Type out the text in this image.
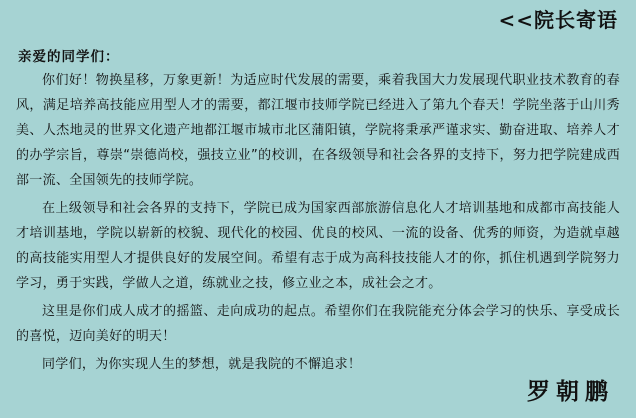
<<院长寄语
亲爱的同学们：

你们好！物换星移，万象更新！为适应时代发展的需要，乘着我国大力发展现代职业技术教育的春风，满足培养高技能应用型人才的需要，都江堰市技师学院已经进入了第九个春天！学院坐落于山川秀美、人杰地灵的世界文化遗产地都江堰市城市北区蒲阳镇，学院将秉承严谨求实、勤奋进取、培养人才的办学宗旨，尊崇“崇德尚校，强技立业”的校训，在各级领导和社会各界的支持下，努力把学院建成西部一流、全国领先的技师学院。

在上级领导和社会各界的支持下，学院已成为国家西部旅游信息化人才培训基地和成都市高技能人才培训基地，学院以崭新的校貌、现代化的校园、优良的校风、一流的设备、优秀的师资，为造就卓越的高技能实用型人才提供良好的发展空间。希望有志于成为高科技技能人才的你，抓住机遇到学院努力学习，勇于实践，学做人之道，练就业之技，修立业之本，成社会之才。

这里是你们成人成才的摇篮、走向成功的起点。希望你们在我院能充分体会学习的快乐、享受成长的喜悦，迈向美好的明天！

同学们，为你实现人生的梦想，就是我院的不懈追求！

罗朝鹏
